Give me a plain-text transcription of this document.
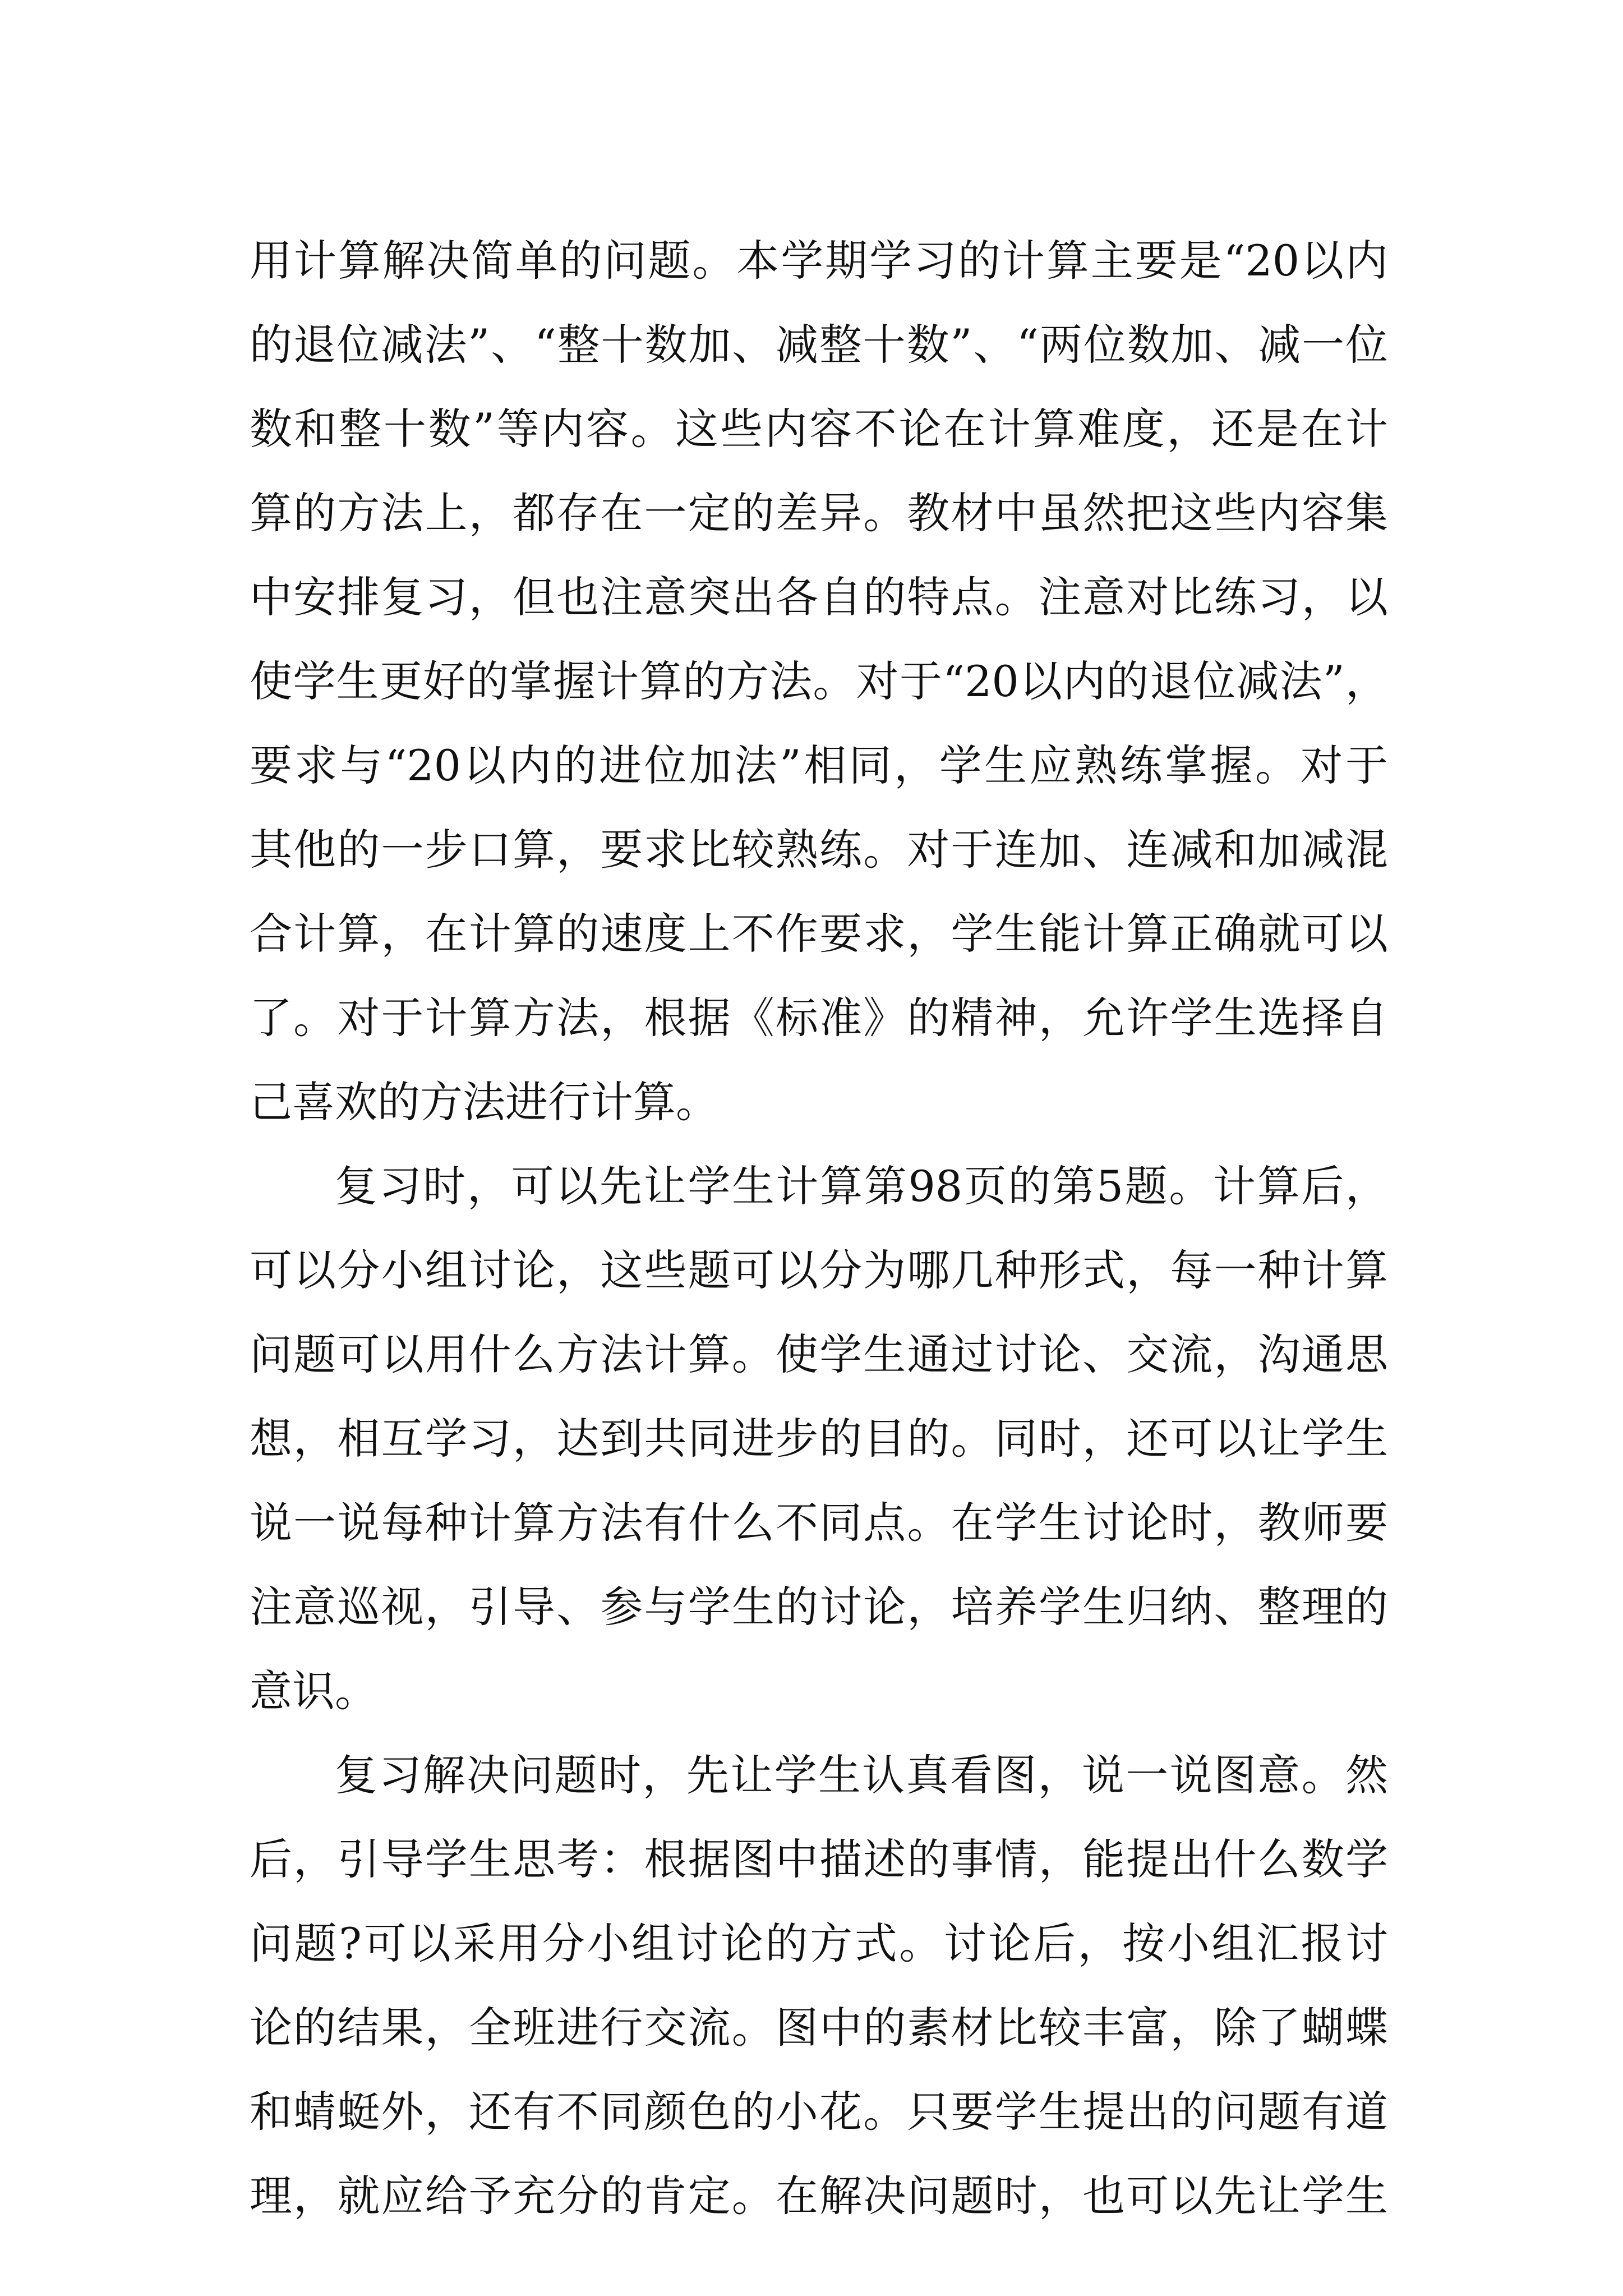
用计算解决简单的问题。本学期学习的计算主要是“20以内
的退位减法”、“整十数加、减整十数”、“两位数加、减一位
数和整十数”等内容。这些内容不论在计算难度，还是在计
算的方法上，都存在一定的差异。教材中虽然把这些内容集
中安排复习，但也注意突出各自的特点。注意对比练习，以
使学生更好的掌握计算的方法。对于“20以内的退位减法”，
要求与“20以内的进位加法”相同，学生应熟练掌握。对于
其他的一步口算，要求比较熟练。对于连加、连减和加减混
合计算，在计算的速度上不作要求，学生能计算正确就可以
了。对于计算方法，根据《标准》的精神，允许学生选择自
己喜欢的方法进行计算。
复习时，可以先让学生计算第98页的第5题。计算后，
可以分小组讨论，这些题可以分为哪几种形式，每一种计算
问题可以用什么方法计算。使学生通过讨论、交流，沟通思
想，相互学习，达到共同进步的目的。同时，还可以让学生
说一说每种计算方法有什么不同点。在学生讨论时，教师要
注意巡视，引导、参与学生的讨论，培养学生归纳、整理的
意识。
复习解决问题时，先让学生认真看图，说一说图意。然
后，引导学生思考：根据图中描述的事情，能提出什么数学
问题?可以采用分小组讨论的方式。讨论后，按小组汇报讨
论的结果，全班进行交流。图中的素材比较丰富，除了蝴蝶
和蜻蜓外，还有不同颜色的小花。只要学生提出的问题有道
理，就应给予充分的肯定。在解决问题时，也可以先让学生
